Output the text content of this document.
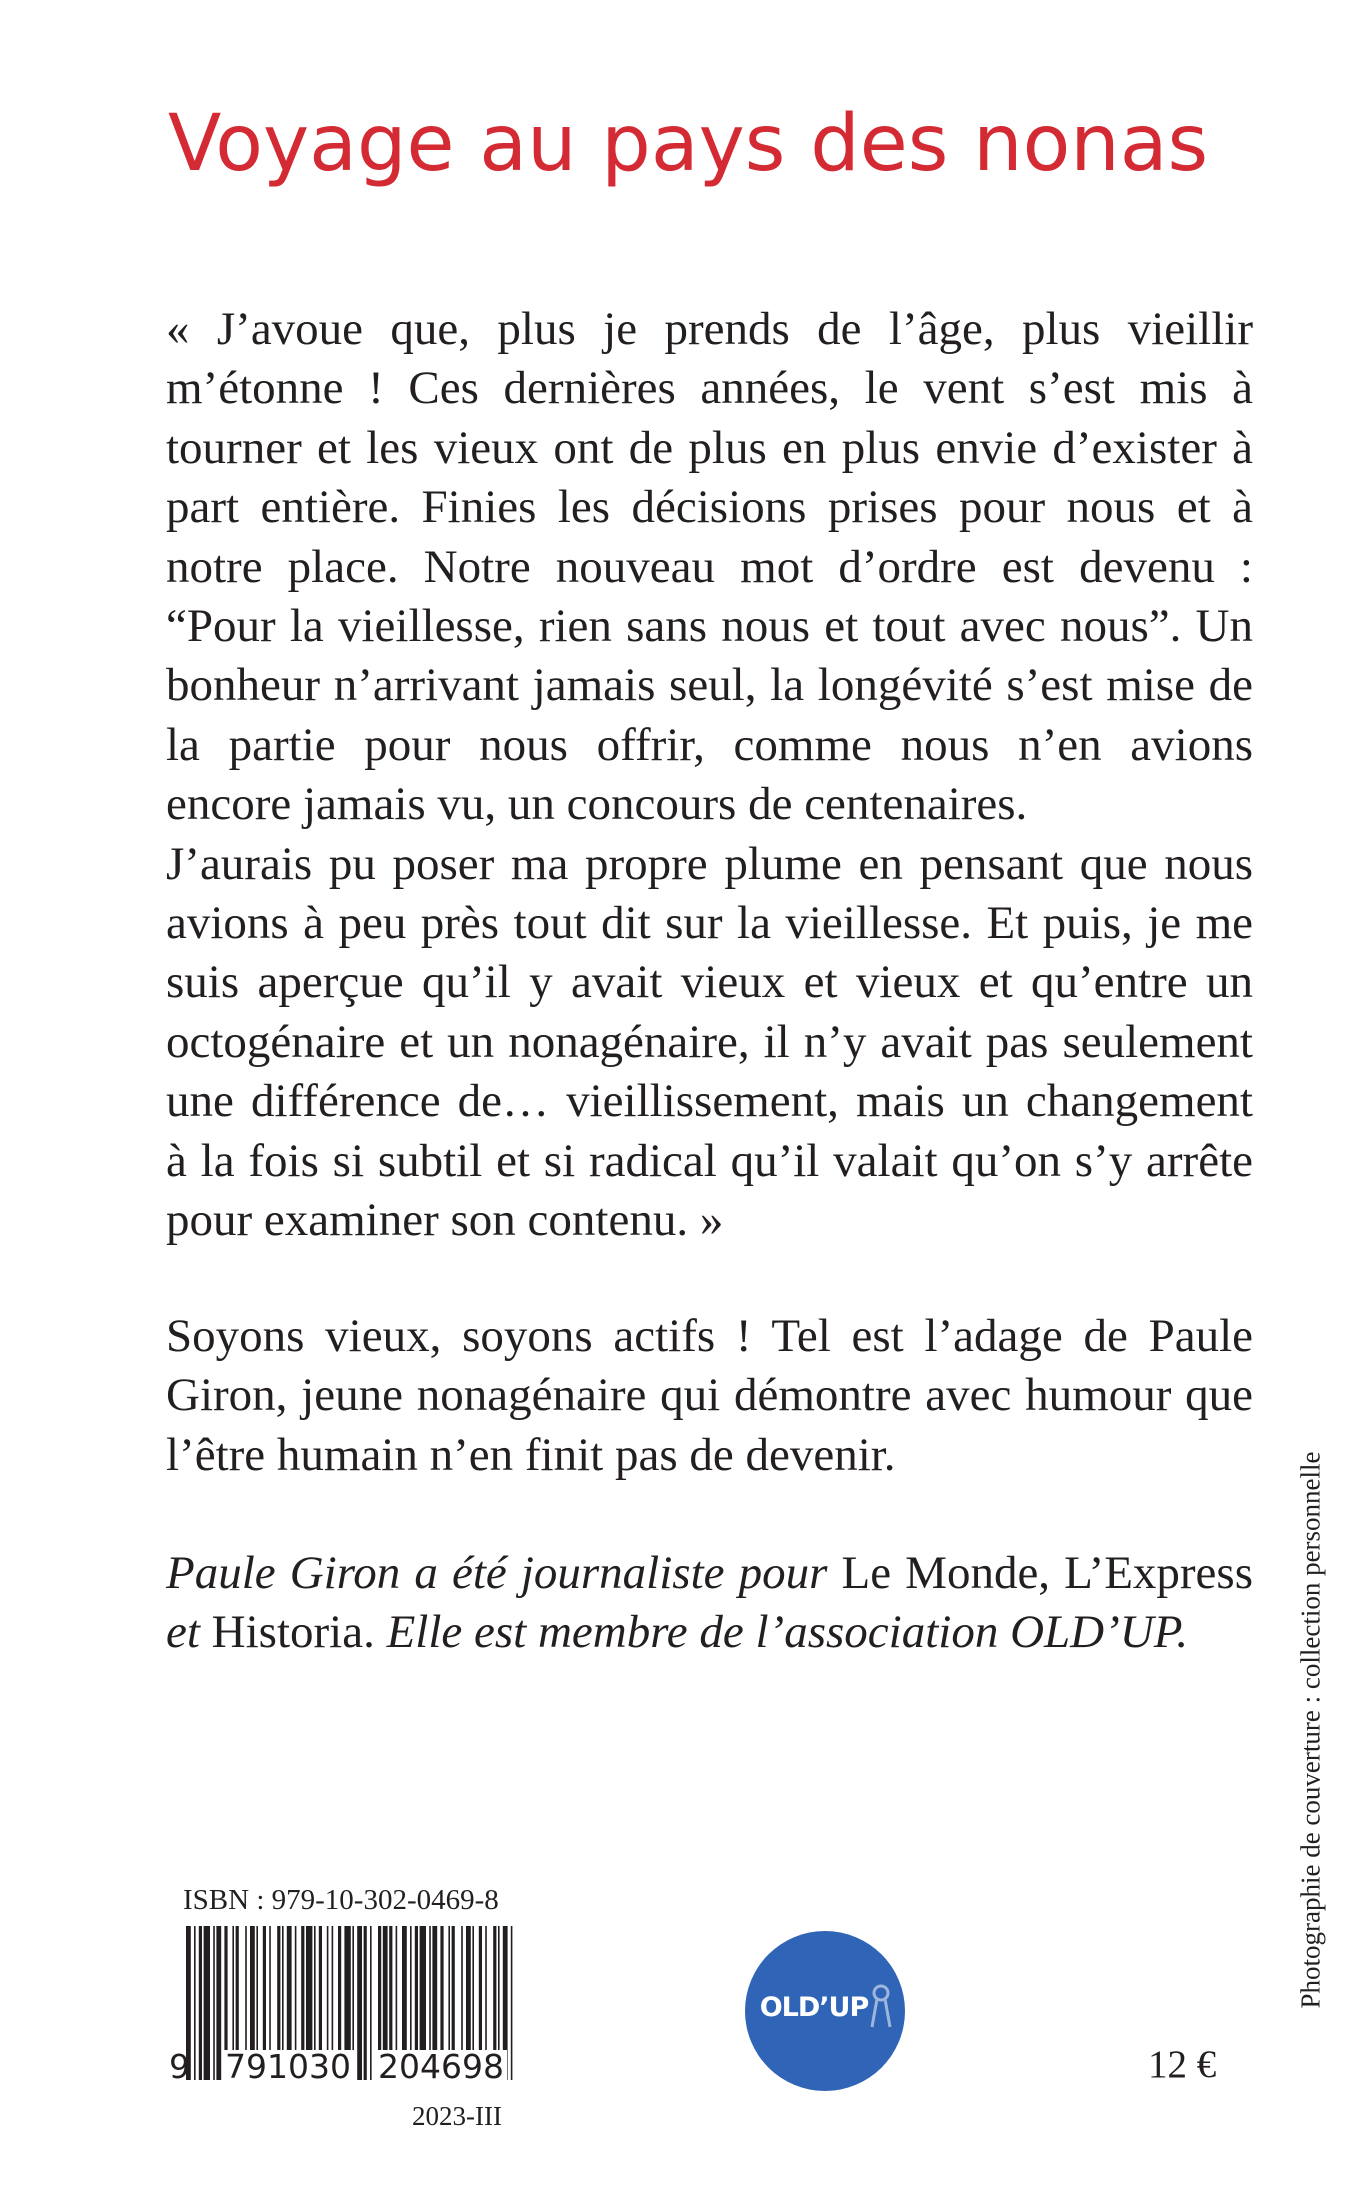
Voyage au pays des nonas

« J’avoue que, plus je prends de l’âge, plus vieillir m’étonne ! Ces dernières années, le vent s’est mis à tourner et les vieux ont de plus en plus envie d’exister à part entière. Finies les décisions prises pour nous et à notre place. Notre nouveau mot d’ordre est devenu : “Pour la vieillesse, rien sans nous et tout avec nous”. Un bonheur n’arrivant jamais seul, la longévité s’est mise de la partie pour nous offrir, comme nous n’en avions encore jamais vu, un concours de centenaires.

J’aurais pu poser ma propre plume en pensant que nous avions à peu près tout dit sur la vieillesse. Et puis, je me suis aperçue qu’il y avait vieux et vieux et qu’entre un octogénaire et un nonagénaire, il n’y avait pas seulement une différence de… vieillissement, mais un changement à la fois si subtil et si radical qu’il valait qu’on s’y arrête pour examiner son contenu. »

Soyons vieux, soyons actifs ! Tel est l’adage de Paule Giron, jeune nonagénaire qui démontre avec humour que l’être humain n’en finit pas de devenir.

Paule Giron a été journaliste pour Le Monde, L’Express et Historia. Elle est membre de l’association OLD’UP.	Photographie de couverture : collection personnelle
ISBN : 979-10-302-0469-8
9 791030 204698
2023-III
OLD’UP
12 €
